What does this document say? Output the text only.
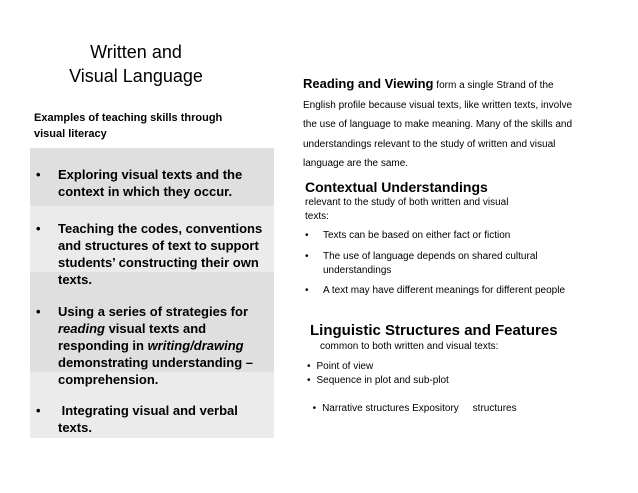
Written and
Visual Language
Examples of teaching skills through visual literacy
• Exploring visual texts and the context in which they occur.
• Teaching the codes, conventions and structures of text to support students’ constructing their own texts.
• Using a series of strategies for reading visual texts and responding in writing/drawing demonstrating understanding – comprehension.
• Integrating visual and verbal texts.
Reading and Viewing form a single Strand of the English profile because visual texts, like written texts, involve the use of language to make meaning. Many of the skills and understandings relevant to the study of written and visual language are the same.
Contextual Understandings
relevant to the study of both written and visual texts:
• Texts can be based on either fact or fiction
• The use of language depends on shared cultural understandings
• A text may have different meanings for different people
Linguistic Structures and Features
common to both written and visual texts:
• Point of view
• Sequence in plot and sub-plot

• Narrative structures Expository     structures
